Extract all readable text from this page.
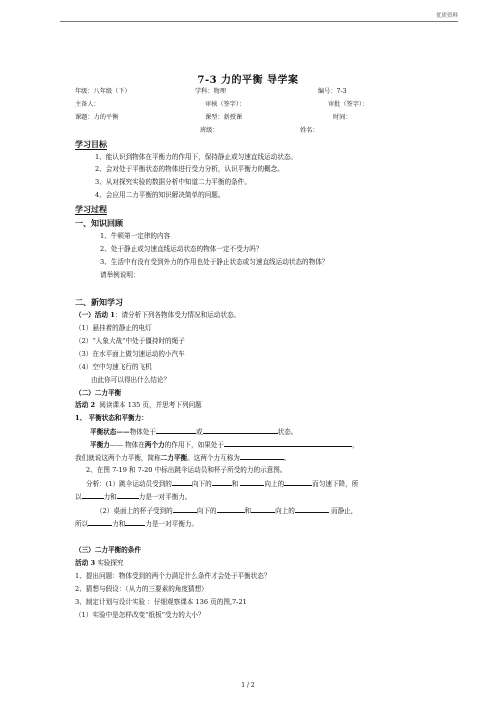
优质资料
7-3 力的平衡 导学案
年级：八年级（下）	学科：物理	编号：7-3
主备人：	审核（签字）：	审批（签字）：
课题：力的平衡	课型：新授课	时间：
班级：	姓名：
学习目标
1、能认识到物体在平衡力的作用下，保持静止或匀速直线运动状态。
2、会对处于平衡状态的物体进行受力分析，认识平衡力的概念。
3、从对探究实验的数据分析中知道二力平衡的条件。
4、会应用二力平衡的知识解决简单的问题。
学习过程
一、知识回顾
1、牛顿第一定律的内容
2、处于静止或匀速直线运动状态的物体一定不受力吗？
3、生活中有没有受到外力的作用也处于静止状态或匀速直线运动状态的物体？
请举例说明：
二、新知学习
（一）活动 1：请分析下列各物体受力情况和运动状态。
（1）悬挂着的静止的电灯
（2）“人象大战”中处于僵持时的绳子
（3）在水平面上做匀速运动的小汽车
（4）空中匀速飞行的飞机
由此你可以得出什么结论？
（二）二力平衡
活动 2 阅读课本 135 页，并思考下列问题
1、 平衡状态和平衡力：
平衡状态——物体处于	或	状态。
平衡力—— 物体在两个力的作用下，如果处于	，
我们就说这两个力平衡，简称二力平衡。这两个力互称为	。
2、在图 7-19 和 7-20 中标出跳伞运动员和杯子所受的力的示意图。
分析：(1）跳伞运动员受到的	向下的	和	向上的	而匀速下降，所
以	力和	力是一对平衡力。
（2）桌面上的杯子受到的	向下的	和	向上的	而静止，
所以	力和	力是一对平衡力。
（三）二力平衡的条件
活动 3 实验探究
1、提出问题：物体受到的两个力满足什么条件才会处于平衡状态？
2、猜想与假设：（从力的三要素的角度猜想）
3、制定计划与设计实验 ：仔细观察课本 136 页的图,7-21
（1）实验中是怎样改变“纸板”受力的大小？
1 / 2
